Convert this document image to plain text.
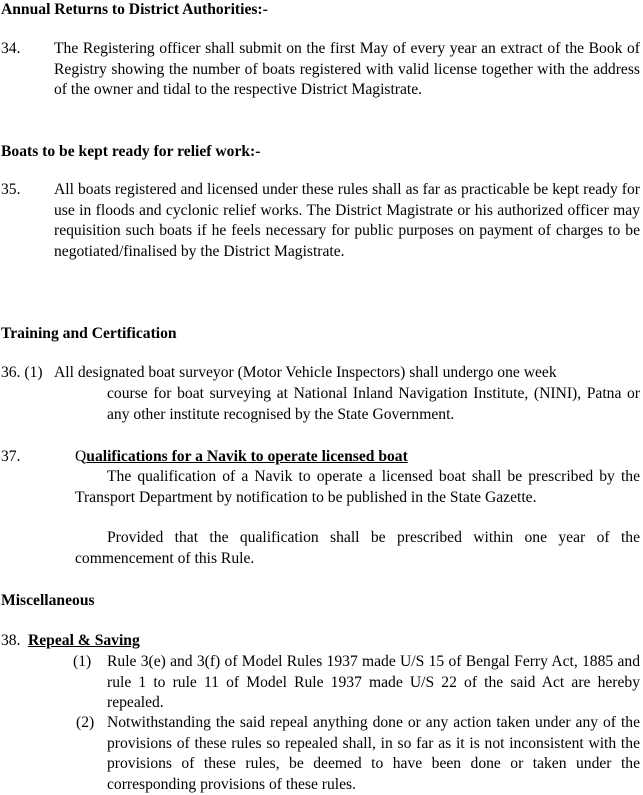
Annual Returns to District Authorities:-
34. The Registering officer shall submit on the first May of every year an extract of the Book of Registry showing the number of boats registered with valid license together with the address of the owner and tidal to the respective District Magistrate.
Boats to be kept ready for relief work:-
35. All boats registered and licensed under these rules shall as far as practicable be kept ready for use in floods and cyclonic relief works. The District Magistrate or his authorized officer may requisition such boats if he feels necessary for public purposes on payment of charges to be negotiated/finalised by the District Magistrate.
Training and Certification
36. (1) All designated boat surveyor (Motor Vehicle Inspectors) shall undergo one week
course for boat surveying at National Inland Navigation Institute, (NINI), Patna or any other institute recognised by the State Government.
37.	Qualifications for a Navik to operate licensed boat
The qualification of a Navik to operate a licensed boat shall be prescribed by the Transport Department by notification to be published in the State Gazette.
Provided that the qualification shall be prescribed within one year of the commencement of this Rule.
Miscellaneous
38. Repeal & Saving
(1) Rule 3(e) and 3(f) of Model Rules 1937 made U/S 15 of Bengal Ferry Act, 1885 and rule 1 to rule 11 of Model Rule 1937 made U/S 22 of the said Act are hereby repealed.
(2) Notwithstanding the said repeal anything done or any action taken under any of the provisions of these rules so repealed shall, in so far as it is not inconsistent with the provisions of these rules, be deemed to have been done or taken under the corresponding provisions of these rules.
